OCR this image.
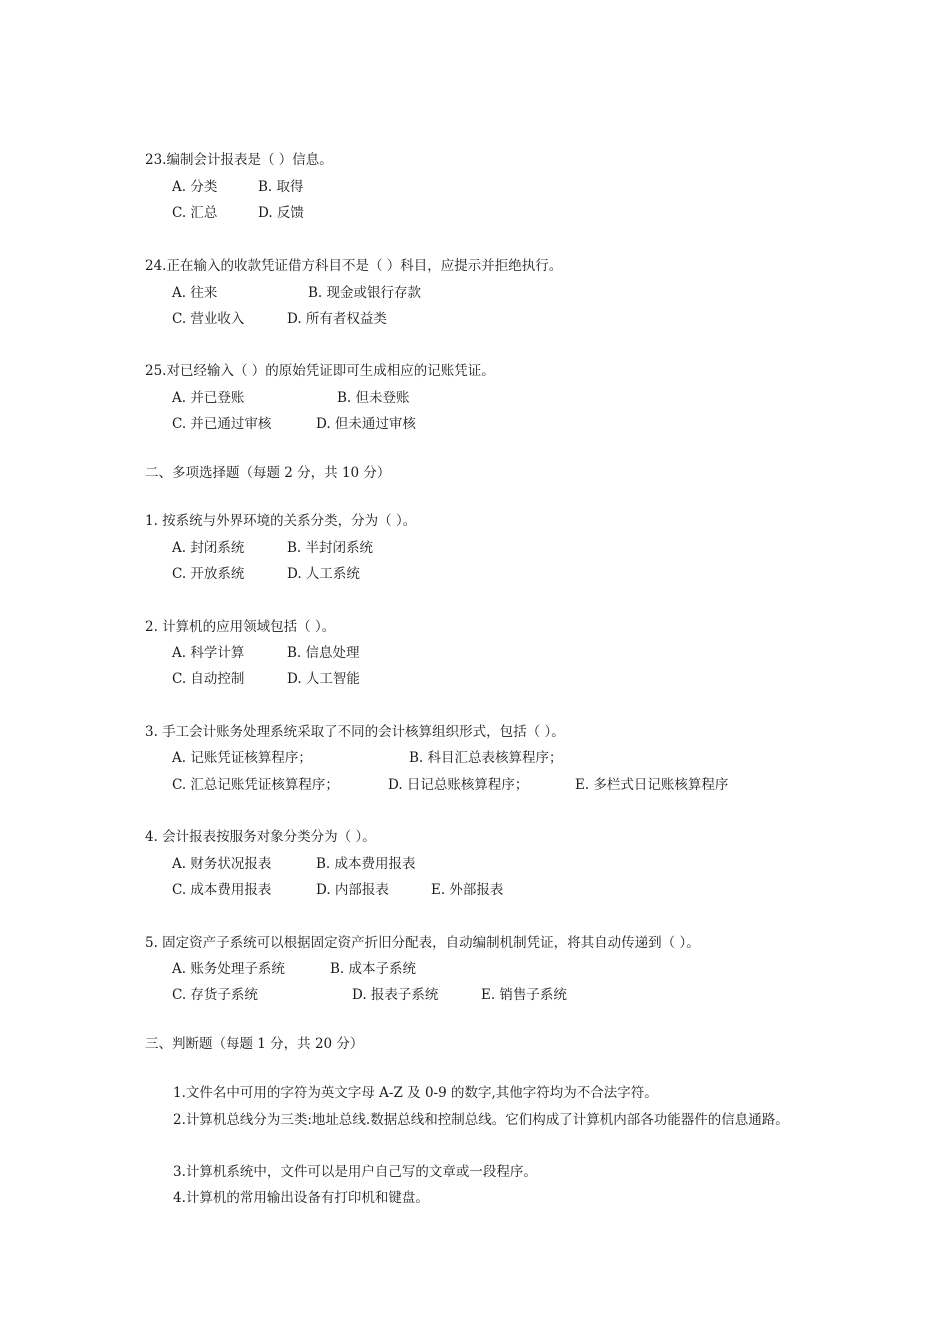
23.编制会计报表是（ ）信息。
A. 分类	B. 取得
C. 汇总	D. 反馈
24.正在输入的收款凭证借方科目不是（ ）科目，应提示并拒绝执行。
A. 往来	B. 现金或银行存款
C. 营业收入	D. 所有者权益类
25.对已经输入（ ）的原始凭证即可生成相应的记账凭证。
A. 并已登账	B. 但未登账
C. 并已通过审核	D. 但未通过审核
二、多项选择题（每题 2 分，共 10 分）
1. 按系统与外界环境的关系分类，分为（ ）。
A. 封闭系统	B. 半封闭系统
C. 开放系统	D. 人工系统
2. 计算机的应用领域包括（ ）。
A. 科学计算	B. 信息处理
C. 自动控制	D. 人工智能
3. 手工会计账务处理系统采取了不同的会计核算组织形式，包括（ ）。
A. 记账凭证核算程序；	B. 科目汇总表核算程序；
C. 汇总记账凭证核算程序；	D. 日记总账核算程序；	E. 多栏式日记账核算程序
4. 会计报表按服务对象分类分为（ ）。
A. 财务状况报表	B. 成本费用报表
C. 成本费用报表	D. 内部报表	E. 外部报表
5. 固定资产子系统可以根据固定资产折旧分配表，自动编制机制凭证，将其自动传递到（ ）。
A. 账务处理子系统	B. 成本子系统
C. 存货子系统	D. 报表子系统	E. 销售子系统
三、判断题（每题 1 分，共 20 分）
1.文件名中可用的字符为英文字母 A-Z 及 0-9 的数字,其他字符均为不合法字符。
2.计算机总线分为三类:地址总线.数据总线和控制总线。它们构成了计算机内部各功能器件的信息通路。
3.计算机系统中，文件可以是用户自己写的文章或一段程序。
4.计算机的常用输出设备有打印机和键盘。
